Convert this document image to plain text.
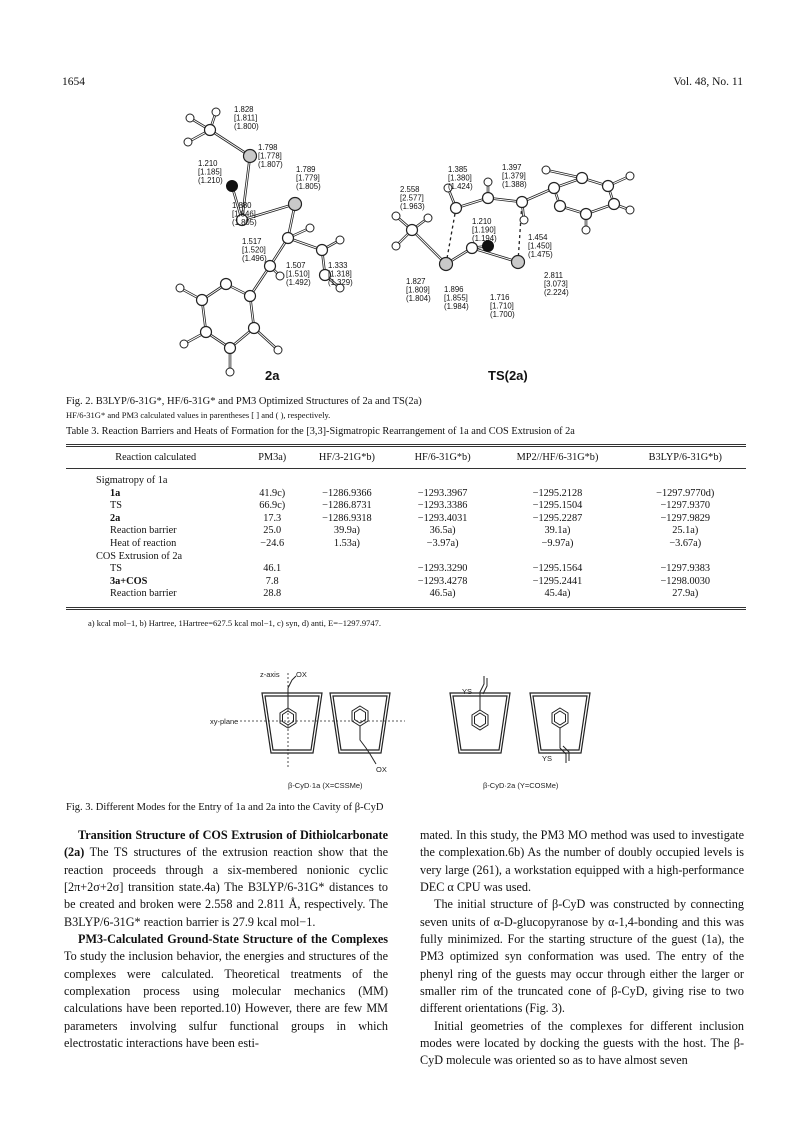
1654	Vol. 48, No. 11
1.828
[1.811]
(1.800)
1.798
[1.778]
(1.807)
1.789
[1.779]
(1.805)
1.210
[1.185]
(1.210)
1.880
[1.846]
(1.805)
1.517
[1.520]
(1.496)
1.507
[1.510]
(1.492)
1.333
[1.318]
(1.329)
1.385
[1.380]
(1.424)
1.397
[1.379]
(1.388)
2.558
[2.577]
(1.963)
1.210
[1.190]
(1.194)	1.454
[1.450]
(1.475)
2.811
[3.073]
(2.224)
1.827
[1.809]
(1.804)
1.896
[1.855]
(1.984)
1.716
[1.710]
(1.700)
2a	TS(2a)
Fig. 2. B3LYP/6-31G*, HF/6-31G* and PM3 Optimized Structures of 2a and TS(2a)
HF/6-31G* and PM3 calculated values in parentheses [ ] and ( ), respectively.
Table 3. Reaction Barriers and Heats of Formation for the [3,3]-Sigmatropic Rearrangement of 1a and COS Extrusion of 2a
Reaction calculated	PM3a)	HF/3-21G*b)	HF/6-31G*b)	MP2//HF/6-31G*b)	B3LYP/6-31G*b)
Sigmatropy of 1a					
1a	41.9c)	−1286.9366	−1293.3967	−1295.2128	−1297.9770d)
TS	66.9c)	−1286.8731	−1293.3386	−1295.1504	−1297.9370
2a	17.3	−1286.9318	−1293.4031	−1295.2287	−1297.9829
Reaction barrier	25.0	39.9a)	36.5a)	39.1a)	25.1a)
Heat of reaction	−24.6	1.53a)	−3.97a)	−9.97a)	−3.67a)
COS Extrusion of 2a					
TS	46.1		−1293.3290	−1295.1564	−1297.9383
3a+COS	7.8		−1293.4278	−1295.2441	−1298.0030
Reaction barrier	28.8		46.5a)	45.4a)	27.9a)
a) kcal mol−1, b) Hartree, 1Hartree=627.5 kcal mol−1, c) syn, d) anti, E=−1297.9747.
z-axis OX
xy-plane
OX
YS
YS
β-CyD·1a (X=CSSMe)	β-CyD·2a (Y=COSMe)
Fig. 3. Different Modes for the Entry of 1a and 2a into the Cavity of β-CyD

Transition Structure of COS Extrusion of Dithiolcarbonate (2a) The TS structures of the extrusion reaction show that the reaction proceeds through a six-membered nonionic cyclic [2π+2σ+2σ] transition state.4a) The B3LYP/6-31G* distances to be created and broken were 2.558 and 2.811 Å, respectively. The B3LYP/6-31G* reaction barrier is 27.9 kcal mol−1.

PM3-Calculated Ground-State Structure of the Complexes To study the inclusion behavior, the energies and structures of the complexes were calculated. Theoretical treatments of the complexation process using molecular mechanics (MM) calculations have been reported.10) However, there are few MM parameters involving sulfur functional groups in which electrostatic interactions have been esti-

mated. In this study, the PM3 MO method was used to investigate the complexation.6b) As the number of doubly occupied levels is very large (261), a workstation equipped with a high-performance DEC α CPU was used.

The initial structure of β-CyD was constructed by connecting seven units of α-D-glucopyranose by α-1,4-bonding and this was fully minimized. For the starting structure of the guest (1a), the PM3 optimized syn conformation was used. The entry of the phenyl ring of the guests may occur through either the larger or smaller rim of the truncated cone of β-CyD, giving rise to two different orientations (Fig. 3).

Initial geometries of the complexes for different inclusion modes were located by docking the guests with the host. The β-CyD molecule was oriented so as to have almost seven
